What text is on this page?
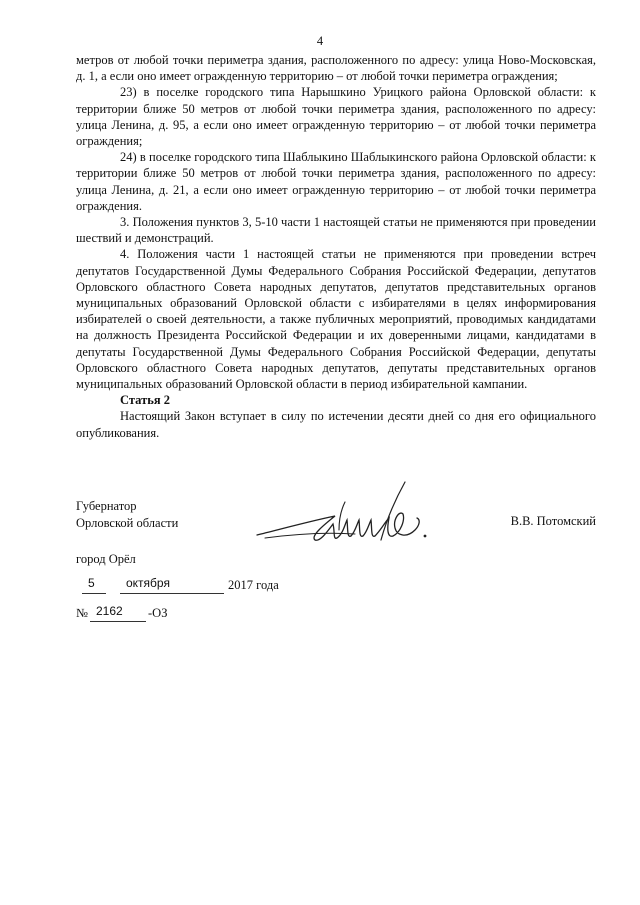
4

метров от любой точки периметра здания, расположенного по адресу: улица Ново-Московская, д. 1, а если оно имеет огражденную территорию – от любой точки периметра ограждения;

23) в поселке городского типа Нарышкино Урицкого района Орловской области: к территории ближе 50 метров от любой точки периметра здания, расположенного по адресу: улица Ленина, д. 95, а если оно имеет огражденную территорию – от любой точки периметра ограждения;

24) в поселке городского типа Шаблыкино Шаблыкинского района Орловской области: к территории ближе 50 метров от любой точки периметра здания, расположенного по адресу: улица Ленина, д. 21, а если оно имеет огражденную территорию – от любой точки периметра ограждения.

3. Положения пунктов 3, 5-10 части 1 настоящей статьи не применяются при проведении шествий и демонстраций.

4. Положения части 1 настоящей статьи не применяются при проведении встреч депутатов Государственной Думы Федерального Собрания Российской Федерации, депутатов Орловского областного Совета народных депутатов, депутатов представительных органов муниципальных образований Орловской области с избирателями в целях информирования избирателей о своей деятельности, а также публичных мероприятий, проводимых кандидатами на должность Президента Российской Федерации и их доверенными лицами, кандидатами в депутаты Государственной Думы Федерального Собрания Российской Федерации, депутаты Орловского областного Совета народных депутатов, депутаты представительных органов муниципальных образований Орловской области в период избирательной кампании.

Статья 2

Настоящий Закон вступает в силу по истечении десяти дней со дня его официального опубликования.

Губернатор
Орловской области	В.В. Потомский
город Орёл
5	октября	2017 года
№ 2162 -ОЗ
